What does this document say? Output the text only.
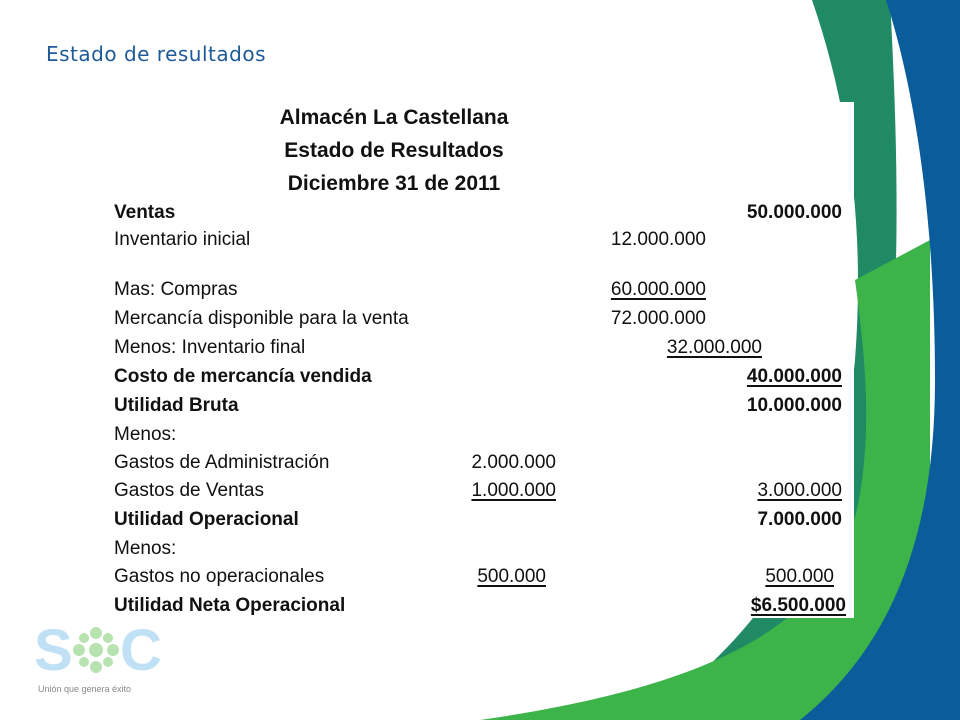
Estado de resultados
Almacén La Castellana
Estado de Resultados
Diciembre 31 de 2011
Ventas	50.000.000
Inventario inicial	12.000.000
Mas: Compras	60.000.000
Mercancía disponible para la venta	72.000.000
Menos: Inventario final	32.000.000
Costo de mercancía vendida	40.000.000
Utilidad Bruta	10.000.000
Menos:
Gastos de Administración	2.000.000
Gastos de Ventas	1.000.000	3.000.000
Utilidad Operacional	7.000.000
Menos:
Gastos no operacionales	500.000	500.000
Utilidad Neta Operacional	$6.500.000
S C
Unión que genera éxito
